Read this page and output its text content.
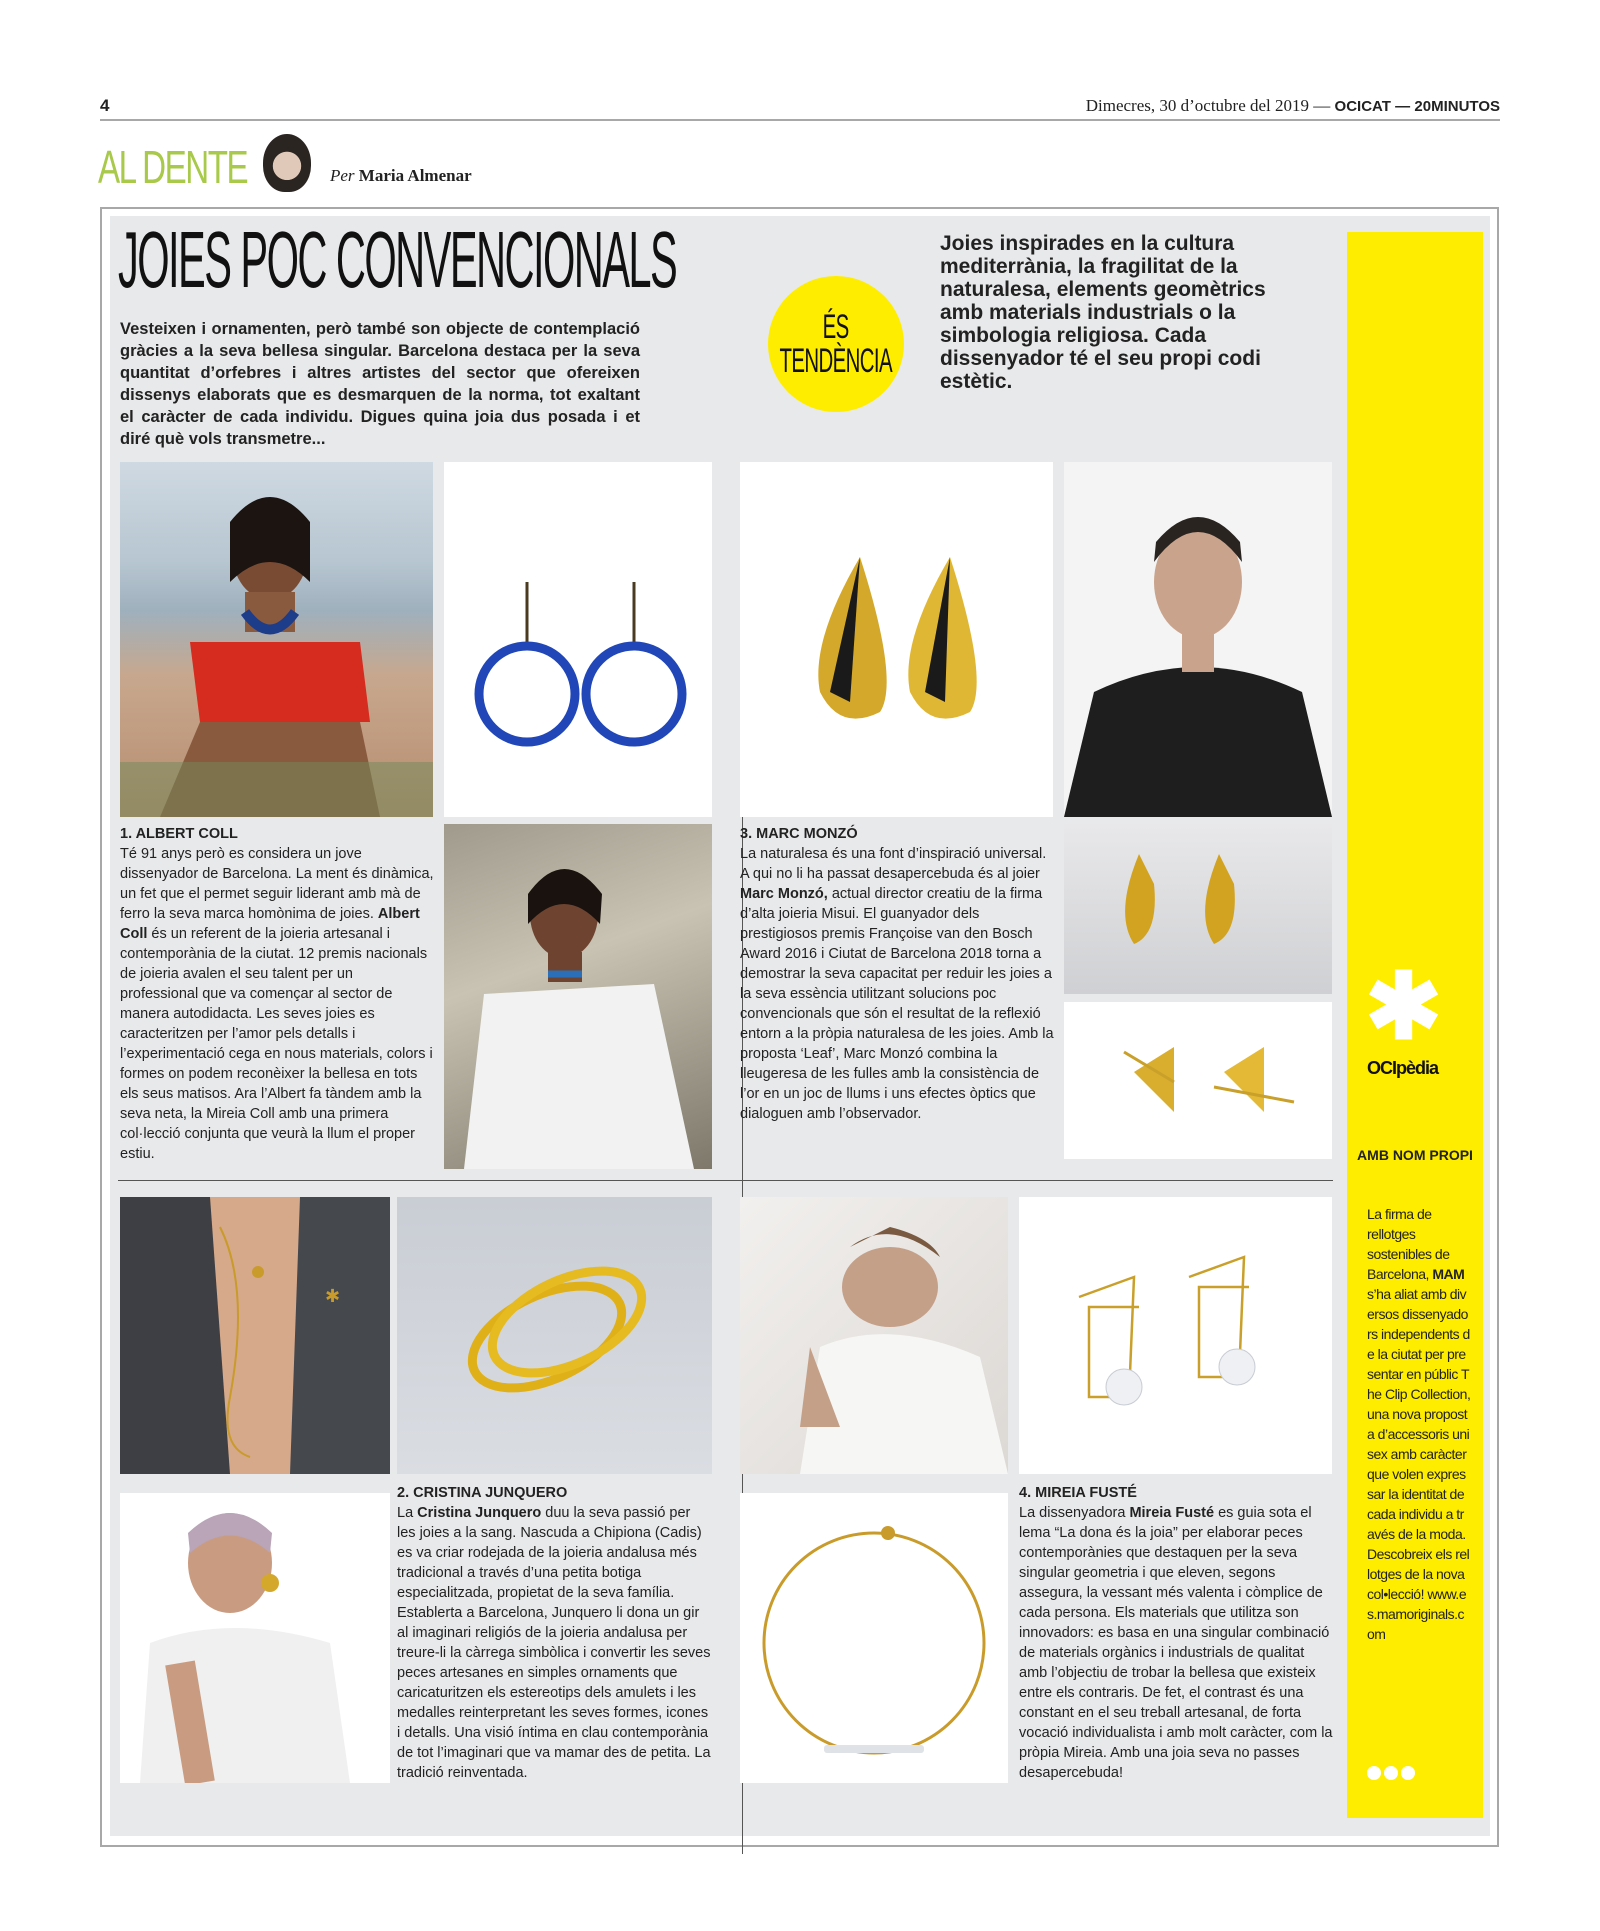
4	Dimecres, 30 d’octubre del 2019 — OCICAT — 20MINUTOS
AL DENTE	Per Maria Almenar
JOIES POC CONVENCIONALS
Vesteixen i ornamenten, però també son objecte de contemplació gràcies a la seva bellesa singular. Barcelona destaca per la seva quantitat d’orfebres i altres artistes del sector que ofereixen dissenys elaborats que es desmarquen de la norma, tot exaltant el caràcter de cada individu. Digues quina joia dus posada i et diré què vols transmetre...
ÉS
TENDÈNCIA
Joies inspirades en la cultura mediterrània, la fragilitat de la naturalesa, elements geomètrics amb materials industrials o la simbologia religiosa. Cada dissenyador té el seu propi codi estètic.
✱
OCIpèdia
AMB NOM PROPI
La firma de rellotges sostenibles de Barcelona, MAM s’ha aliat amb diversos dissenyadors independents de la ciutat per presentar en públic The Clip Collection, una nova proposta d’accessoris unisex amb caràcter que volen expressar la identitat de cada individu a través de la moda. Descobreix els rellotges de la nova col•lecció! www.es.mamoriginals.com
1. ALBERT COLL

Té 91 anys però es considera un jove dissenyador de Barcelona. La ment és dinàmica, un fet que el permet seguir liderant amb mà de ferro la seva marca homònima de joies. Albert Coll és un referent de la joieria artesanal i contemporània de la ciutat. 12 premis nacionals de joieria avalen el seu talent per un professional que va començar al sector de manera autodidacta. Les seves joies es caracteritzen per l’amor pels detalls i l’experimentació cega en nous materials, colors i formes on podem reconèixer la bellesa en tots els seus matisos. Ara l’Albert fa tàndem amb la seva neta, la Mireia Coll amb una primera col·lecció conjunta que veurà la llum el proper estiu.

3. MARC MONZÓ

La naturalesa és una font d’inspiració universal. A qui no li ha passat desapercebuda és al joier Marc Monzó, actual director creatiu de la firma d’alta joieria Misui. El guanyador dels prestigiosos premis Françoise van den Bosch Award 2016 i Ciutat de Barcelona 2018 torna a demostrar la seva capacitat per reduir les joies a la seva essència utilitzant solucions poc convencionals que són el resultat de la reflexió entorn a la pròpia naturalesa de les joies. Amb la proposta ‘Leaf’, Marc Monzó combina la lleugeresa de les fulles amb la consistència de l’or en un joc de llums i uns efectes òptics que dialoguen amb l’observador.

✱
2. CRISTINA JUNQUERO

La Cristina Junquero duu la seva passió per les joies a la sang. Nascuda a Chipiona (Cadis) es va criar rodejada de la joieria andalusa més tradicional a través d’una petita botiga especialitzada, propietat de la seva família. Establerta a Barcelona, Junquero li dona un gir al imaginari religiós de la joieria andalusa per treure-li la càrrega simbòlica i convertir les seves peces artesanes en simples ornaments que caricaturitzen els estereotips dels amulets i les medalles reinterpretant les seves formes, icones i detalls. Una visió íntima en clau contemporània de tot l’imaginari que va mamar des de petita. La tradició reinventada.

4. MIREIA FUSTÉ

La dissenyadora Mireia Fusté es guia sota el lema “La dona és la joia” per elaborar peces contemporànies que destaquen per la seva singular geometria i que eleven, segons assegura, la vessant més valenta i còmplice de cada persona. Els materials que utilitza son innovadors: es basa en una singular combinació de materials orgànics i industrials de qualitat amb l’objectiu de trobar la bellesa que existeix entre els contraris. De fet, el contrast és una constant en el seu treball artesanal, de forta vocació individualista i amb molt caràcter, com la pròpia Mireia. Amb una joia seva no passes desapercebuda!
